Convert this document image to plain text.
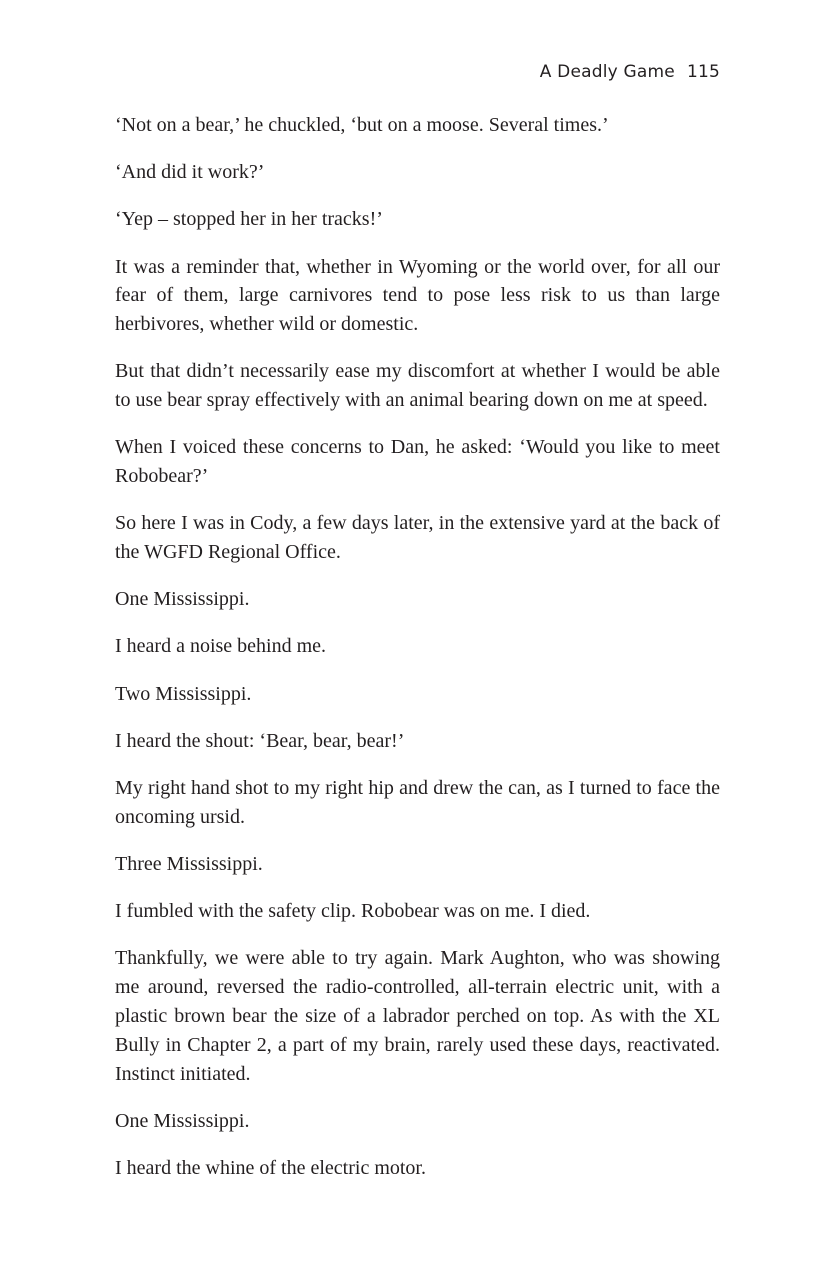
A Deadly Game 115

‘Not on a bear,’ he chuckled, ‘but on a moose. Several times.’

‘And did it work?’

‘Yep – stopped her in her tracks!’

It was a reminder that, whether in Wyoming or the world over, for all our fear of them, large carnivores tend to pose less risk to us than large herbivores, whether wild or domestic.

But that didn’t necessarily ease my discomfort at whether I would be able to use bear spray effectively with an animal bearing down on me at speed.

When I voiced these concerns to Dan, he asked: ‘Would you like to meet Robobear?’

So here I was in Cody, a few days later, in the extensive yard at the back of the WGFD Regional Office.

One Mississippi.

I heard a noise behind me.

Two Mississippi.

I heard the shout: ‘Bear, bear, bear!’

My right hand shot to my right hip and drew the can, as I turned to face the oncoming ursid.

Three Mississippi.

I fumbled with the safety clip. Robobear was on me. I died.

Thankfully, we were able to try again. Mark Aughton, who was showing me around, reversed the radio-controlled, all-terrain electric unit, with a plastic brown bear the size of a labrador perched on top. As with the XL Bully in Chapter 2, a part of my brain, rarely used these days, reactivated. Instinct initiated.

One Mississippi.

I heard the whine of the electric motor.
